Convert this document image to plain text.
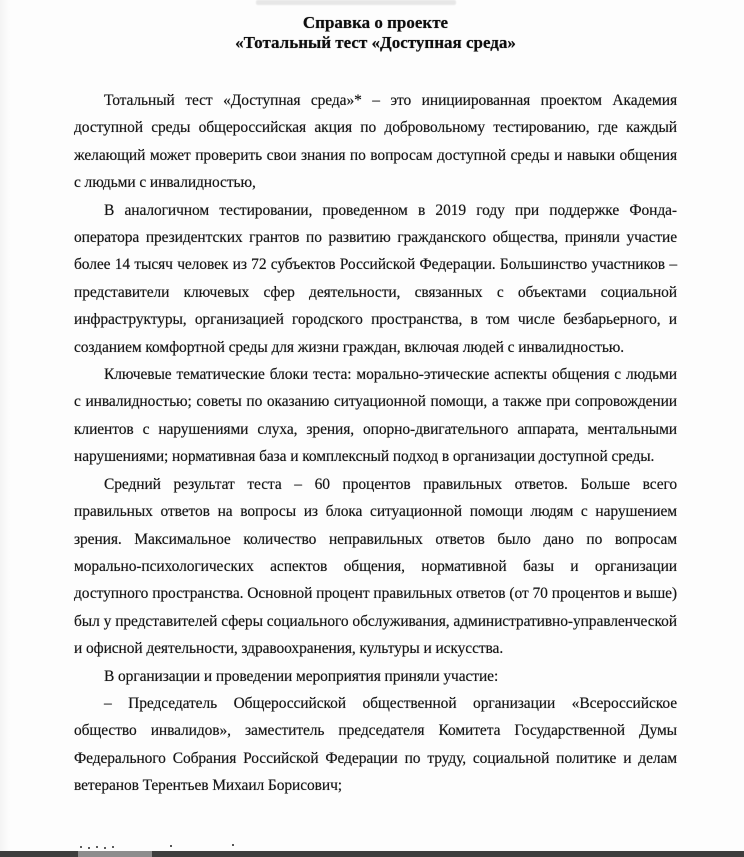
Справка о проекте
«Тотальный тест «Доступная среда»

Тотальный тест «Доступная среда»* – это инициированная проектом Академия доступной среды общероссийская акция по добровольному тестированию, где каждый желающий может проверить свои знания по вопросам доступной среды и навыки общения с людьми с инвалидностью,

В аналогичном тестировании, проведенном в 2019 году при поддержке Фонда-оператора президентских грантов по развитию гражданского общества, приняли участие более 14 тысяч человек из 72 субъектов Российской Федерации. Большинство участников – представители ключевых сфер деятельности, связанных с объектами социальной инфраструктуры, организацией городского пространства, в том числе безбарьерного, и созданием комфортной среды для жизни граждан, включая людей с инвалидностью.

Ключевые тематические блоки теста: морально-этические аспекты общения с людьми с инвалидностью; советы по оказанию ситуационной помощи, а также при сопровождении клиентов с нарушениями слуха, зрения, опорно-двигательного аппарата, ментальными нарушениями; нормативная база и комплексный подход в организации доступной среды.

Средний результат теста – 60 процентов правильных ответов. Больше всего правильных ответов на вопросы из блока ситуационной помощи людям с нарушением зрения. Максимальное количество неправильных ответов было дано по вопросам морально-психологических аспектов общения, нормативной базы и организации доступного пространства. Основной процент правильных ответов (от 70 процентов и выше) был у представителей сферы социального обслуживания, административно-управленческой и офисной деятельности, здравоохранения, культуры и искусства.

В организации и проведении мероприятия приняли участие:

– Председатель Общероссийской общественной организации «Всероссийское общество инвалидов», заместитель председателя Комитета Государственной Думы Федерального Собрания Российской Федерации по труду, социальной политике и делам ветеранов Терентьев Михаил Борисович;
